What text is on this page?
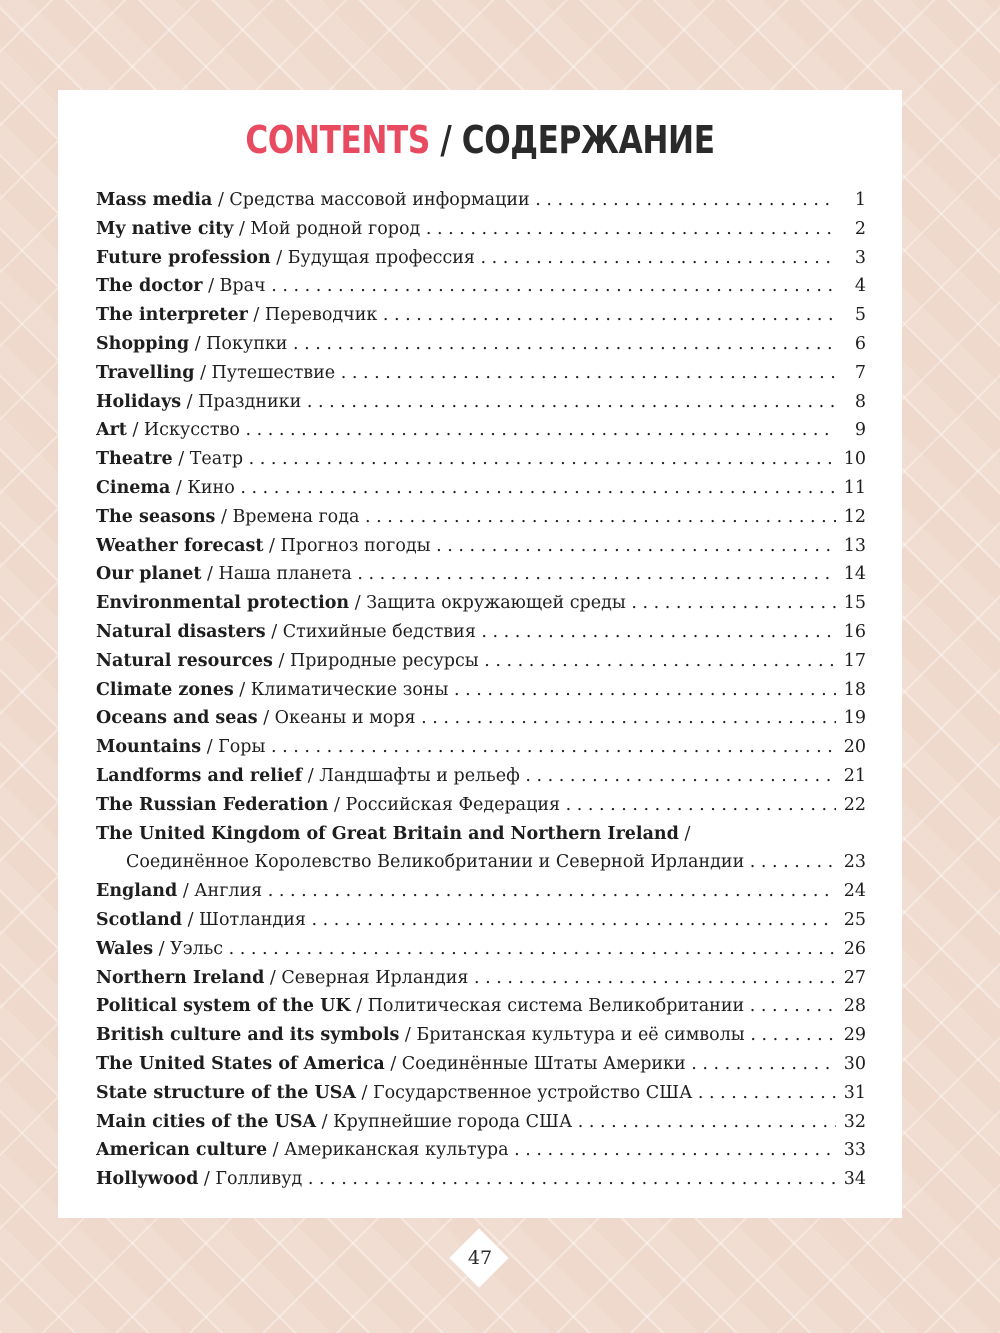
CONTENTS / СОДЕРЖАНИЕ
Mass media / Средства массовой информации . . .	1
My native city / Мой родной город . . .	2
Future profession / Будущая профессия . . .	3
The doctor / Врач . . .	4
The interpreter / Переводчик . . .	5
Shopping / Покупки . . .	6
Travelling / Путешествие . . .	7
Holidays / Праздники . . .	8
Art / Искусство . . .	9
Theatre / Театр . . .	10
Cinema / Кино . . .	11
The seasons / Времена года . . .	12
Weather forecast / Прогноз погоды . . .	13
Our planet / Наша планета . . .	14
Environmental protection / Защита окружающей среды . . .	15
Natural disasters / Стихийные бедствия . . .	16
Natural resources / Природные ресурсы . . .	17
Climate zones / Климатические зоны . . .	18
Oceans and seas / Океаны и моря . . .	19
Mountains / Горы . . .	20
Landforms and relief / Ландшафты и рельеф . . .	21
The Russian Federation / Российская Федерация . . .	22
The United Kingdom of Great Britain and Northern Ireland /
Соединённое Королевство Великобритании и Северной Ирландии . . .	23
England / Англия . . .	24
Scotland / Шотландия . . .	25
Wales / Уэльс . . .	26
Northern Ireland / Северная Ирландия . . .	27
Political system of the UK / Политическая система Великобритании . . .	28
British culture and its symbols / Британская культура и её символы . . .	29
The United States of America / Соединённые Штаты Америки . . .	30
State structure of the USA / Государственное устройство США . . .	31
Main cities of the USA / Крупнейшие города США . . .	32
American culture / Американская культура . . .	33
Hollywood / Голливуд . . .	34
47
